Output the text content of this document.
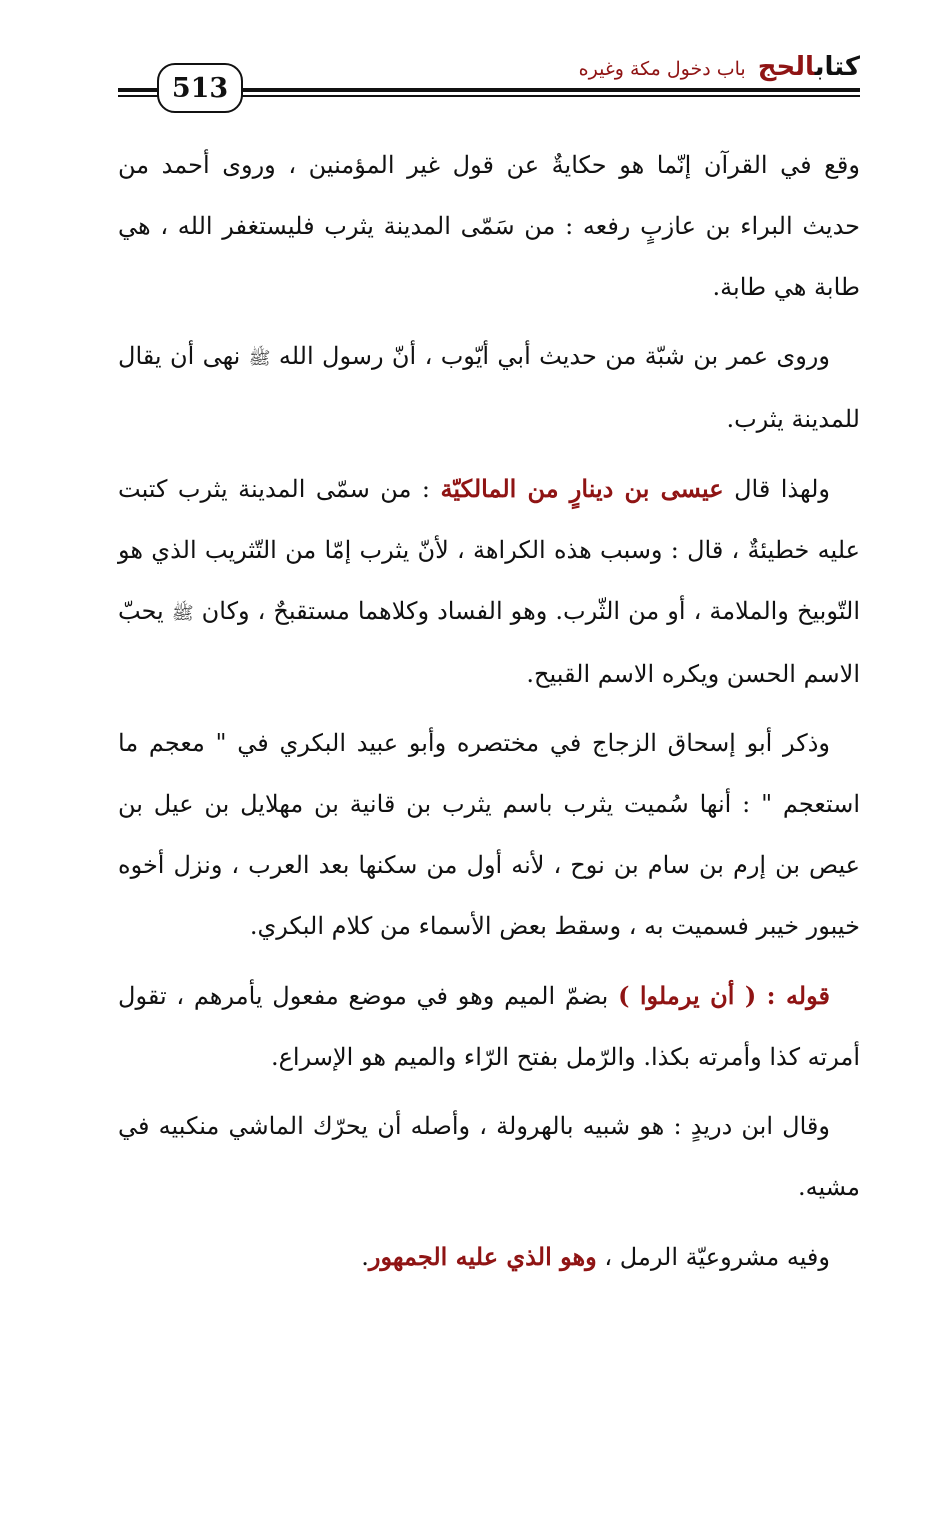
كتابالحج
باب دخول مكة وغيره
513

وقع في القرآن إنّما هو حكايةٌ عن قول غير المؤمنين ، وروى أحمد من حديث البراء بن عازبٍ رفعه : من سَمّى المدينة يثرب فليستغفر الله ، هي طابة هي طابة.

وروى عمر بن شبّة من حديث أبي أيّوب ، أنّ رسول الله ﷺ نهى أن يقال للمدينة يثرب.

ولهذا قال عيسى بن دينارٍ من المالكيّة : من سمّى المدينة يثرب كتبت عليه خطيئةٌ ، قال : وسبب هذه الكراهة ، لأنّ يثرب إمّا من التّثريب الذي هو التّوبيخ والملامة ، أو من الثّرب. وهو الفساد وكلاهما مستقبحٌ ، وكان ﷺ يحبّ الاسم الحسن ويكره الاسم القبيح.

وذكر أبو إسحاق الزجاج في مختصره وأبو عبيد البكري في " معجم ما استعجم " : أنها سُميت يثرب باسم يثرب بن قانية بن مهلايل بن عيل بن عيص بن إرم بن سام بن نوح ، لأنه أول من سكنها بعد العرب ، ونزل أخوه خيبور خيبر فسميت به ، وسقط بعض الأسماء من كلام البكري.

قوله : ( أن يرملوا ) بضمّ الميم وهو في موضع مفعول يأمرهم ، تقول أمرته كذا وأمرته بكذا. والرّمل بفتح الرّاء والميم هو الإسراع.

وقال ابن دريدٍ : هو شبيه بالهرولة ، وأصله أن يحرّك الماشي منكبيه في مشيه.

وفيه مشروعيّة الرمل ، وهو الذي عليه الجمهور.
